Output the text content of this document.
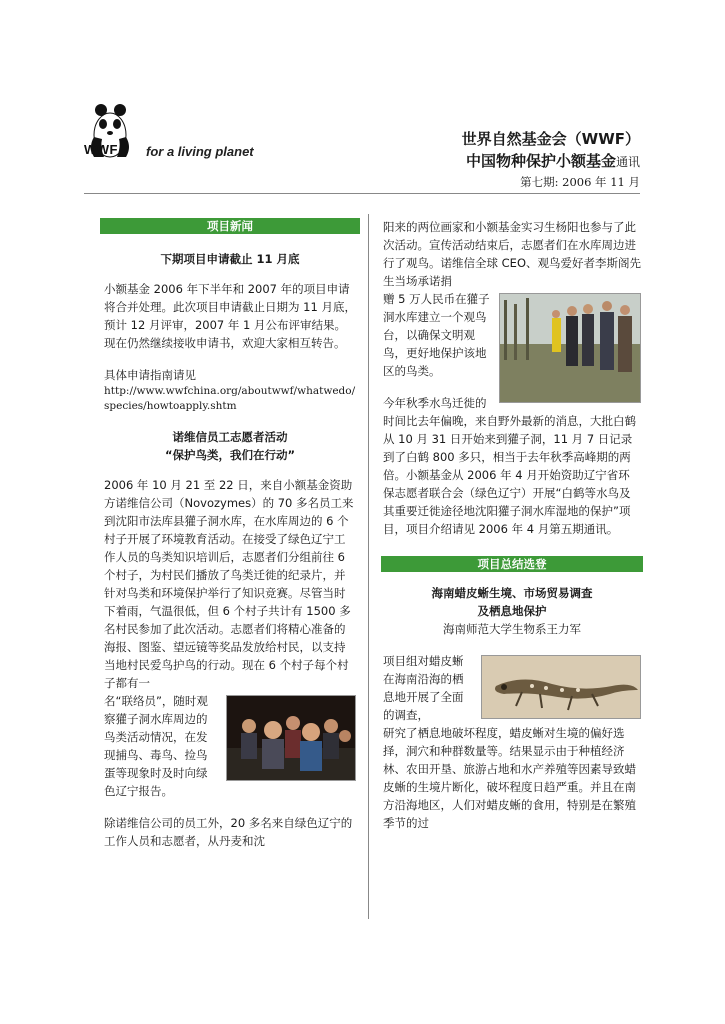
WWF for a living planet
世界自然基金会（WWF）
中国物种保护小额基金通讯
第七期: 2006 年 11 月
项目新闻
下期项目申请截止 11 月底

小额基金 2006 年下半年和 2007 年的项目申请将合并处理。此次项目申请截止日期为 11 月底，预计 12 月评审，2007 年 1 月公布评审结果。现在仍然继续接收申请书，欢迎大家相互转告。

具体申请指南请见

http://www.wwfchina.org/aboutwwf/whatwedo/species/howtoapply.shtm
诺维信员工志愿者活动
“保护鸟类，我们在行动”

2006 年 10 月 21 至 22 日，来自小额基金资助方诺维信公司（Novozymes）的 70 多名员工来到沈阳市法库县獾子洞水库，在水库周边的 6 个村子开展了环境教育活动。在接受了绿色辽宁工作人员的鸟类知识培训后，志愿者们分组前往 6 个村子，为村民们播放了鸟类迁徙的纪录片，并针对鸟类和环境保护举行了知识竞赛。尽管当时下着雨，气温很低，但 6 个村子共计有 1500 多名村民参加了此次活动。志愿者们将精心准备的海报、图鉴、望远镜等奖品发放给村民，以支持当地村民爱鸟护鸟的行动。现在 6 个村子每个村子都有一

名“联络员”，随时观察獾子洞水库周边的鸟类活动情况，在发现捕鸟、毒鸟、捡鸟蛋等现象时及时向绿色辽宁报告。

除诺维信公司的员工外，20 多名来自绿色辽宁的工作人员和志愿者，从丹麦和沈

阳来的两位画家和小额基金实习生杨阳也参与了此次活动。宣传活动结束后，志愿者们在水库周边进行了观鸟。诺维信全球 CEO、观鸟爱好者李斯阁先生当场承诺捐

赠 5 万人民币在獾子洞水库建立一个观鸟台，以确保文明观鸟，更好地保护该地区的鸟类。

今年秋季水鸟迁徙的时间比去年偏晚，来自野外最新的消息，大批白鹤从 10 月 31 日开始来到獾子洞，11 月 7 日记录到了白鹤 800 多只，相当于去年秋季高峰期的两倍。小额基金从 2006 年 4 月开始资助辽宁省环保志愿者联合会（绿色辽宁）开展“白鹤等水鸟及其重要迁徙途径地沈阳獾子洞水库湿地的保护”项目，项目介绍请见 2006 年 4 月第五期通讯。

项目总结选登
海南蜡皮蜥生境、市场贸易调查
及栖息地保护
海南师范大学生物系王力军

项目组对蜡皮蜥在海南沿海的栖息地开展了全面的调查，

研究了栖息地破坏程度，蜡皮蜥对生境的偏好选择，洞穴和种群数量等。结果显示由于种植经济林、农田开垦、旅游占地和水产养殖等因素导致蜡皮蜥的生境片断化，破坏程度日趋严重。并且在南方沿海地区，人们对蜡皮蜥的食用，特别是在繁殖季节的过
